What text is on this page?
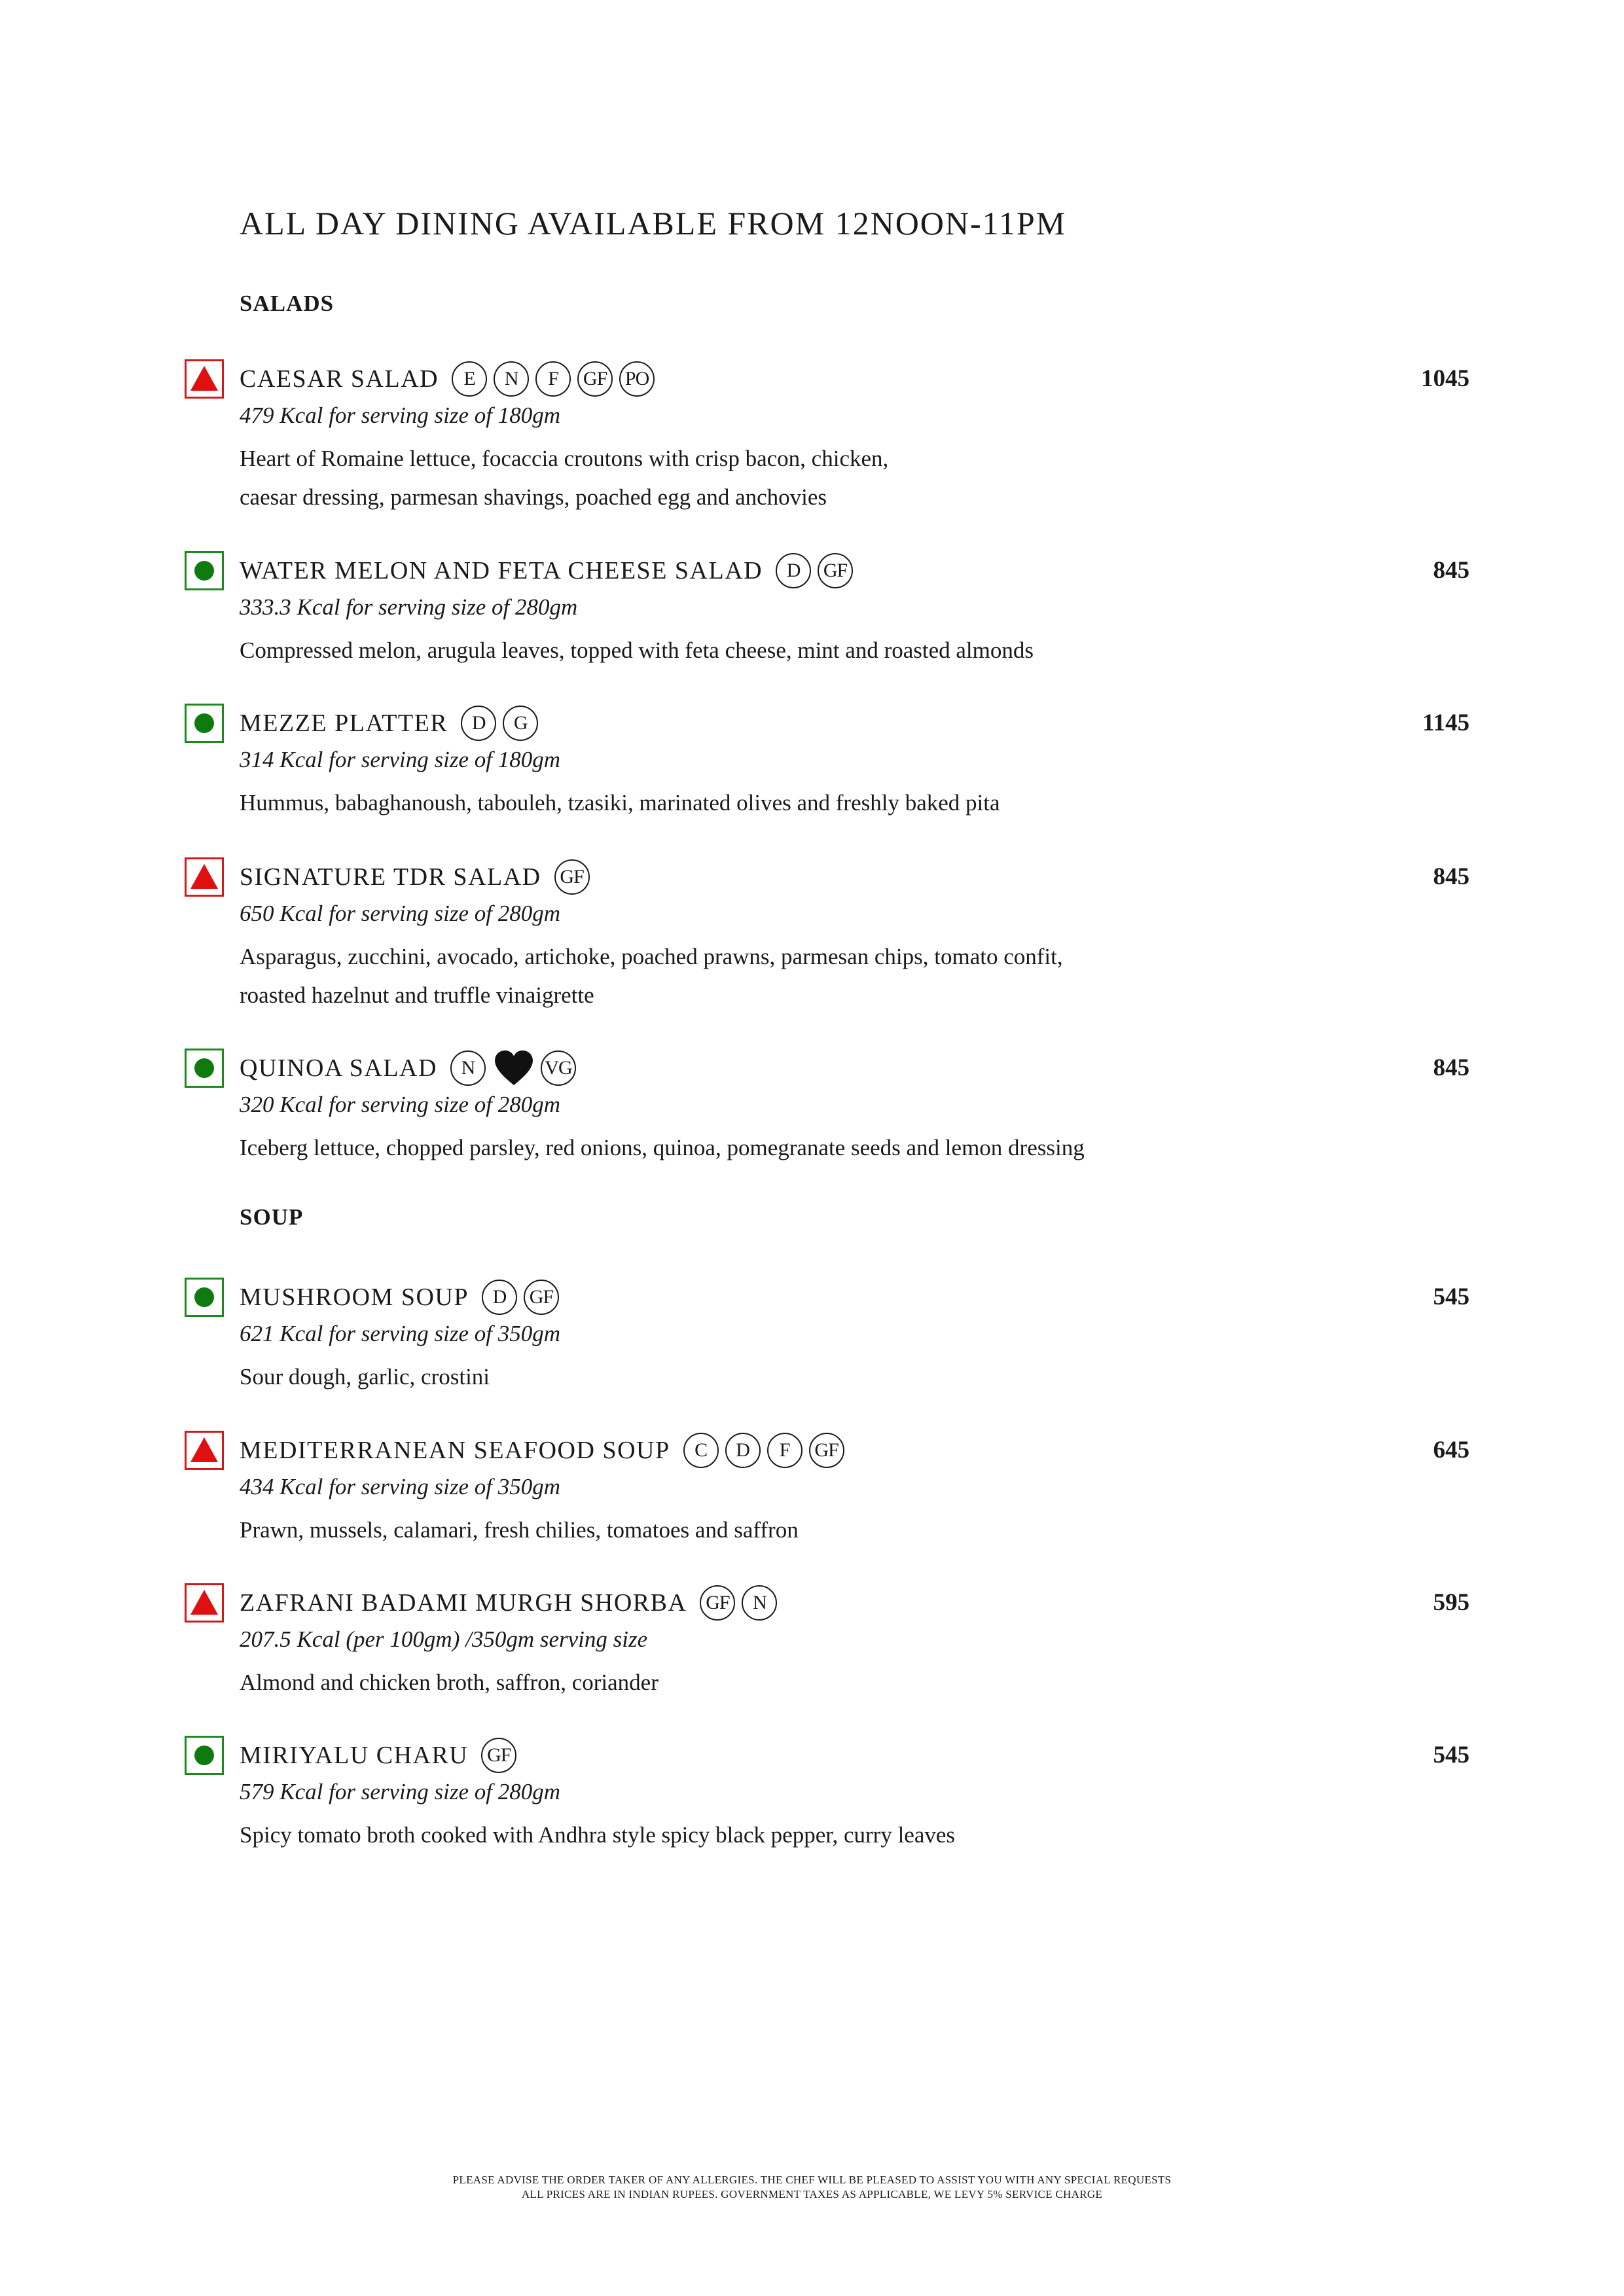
ALL DAY DINING AVAILABLE FROM 12NOON-11PM
SALADS
CAESAR SALAD	E	N	F	GF PO	1045
479 Kcal for serving size of 180gm
Heart of Romaine lettuce, focaccia croutons with crisp bacon, chicken,
caesar dressing, parmesan shavings, poached egg and anchovies
WATER MELON AND FETA CHEESE SALAD	D	GF	845
333.3 Kcal for serving size of 280gm
Compressed melon, arugula leaves, topped with feta cheese, mint and roasted almonds
MEZZE PLATTER	D	G	1145
314 Kcal for serving size of 180gm
Hummus, babaghanoush, tabouleh, tzasiki, marinated olives and freshly baked pita
SIGNATURE TDR SALAD GF	845
650 Kcal for serving size of 280gm
Asparagus, zucchini, avocado, artichoke, poached prawns, parmesan chips, tomato confit,
roasted hazelnut and truffle vinaigrette
QUINOA SALAD	N	VG	845
320 Kcal for serving size of 280gm
Iceberg lettuce, chopped parsley, red onions, quinoa, pomegranate seeds and lemon dressing
SOUP
MUSHROOM SOUP	D	GF	545
621 Kcal for serving size of 350gm
Sour dough, garlic, crostini
MEDITERRANEAN SEAFOOD SOUP	C	D	F	GF	645
434 Kcal for serving size of 350gm
Prawn, mussels, calamari, fresh chilies, tomatoes and saffron
ZAFRANI BADAMI MURGH SHORBA GF	N	595
207.5 Kcal (per 100gm) /350gm serving size
Almond and chicken broth, saffron, coriander
MIRIYALU CHARU GF	545
579 Kcal for serving size of 280gm
Spicy tomato broth cooked with Andhra style spicy black pepper, curry leaves
PLEASE ADVISE THE ORDER TAKER OF ANY ALLERGIES. THE CHEF WILL BE PLEASED TO ASSIST YOU WITH ANY SPECIAL REQUESTS
ALL PRICES ARE IN INDIAN RUPEES. GOVERNMENT TAXES AS APPLICABLE, WE LEVY 5% SERVICE CHARGE
